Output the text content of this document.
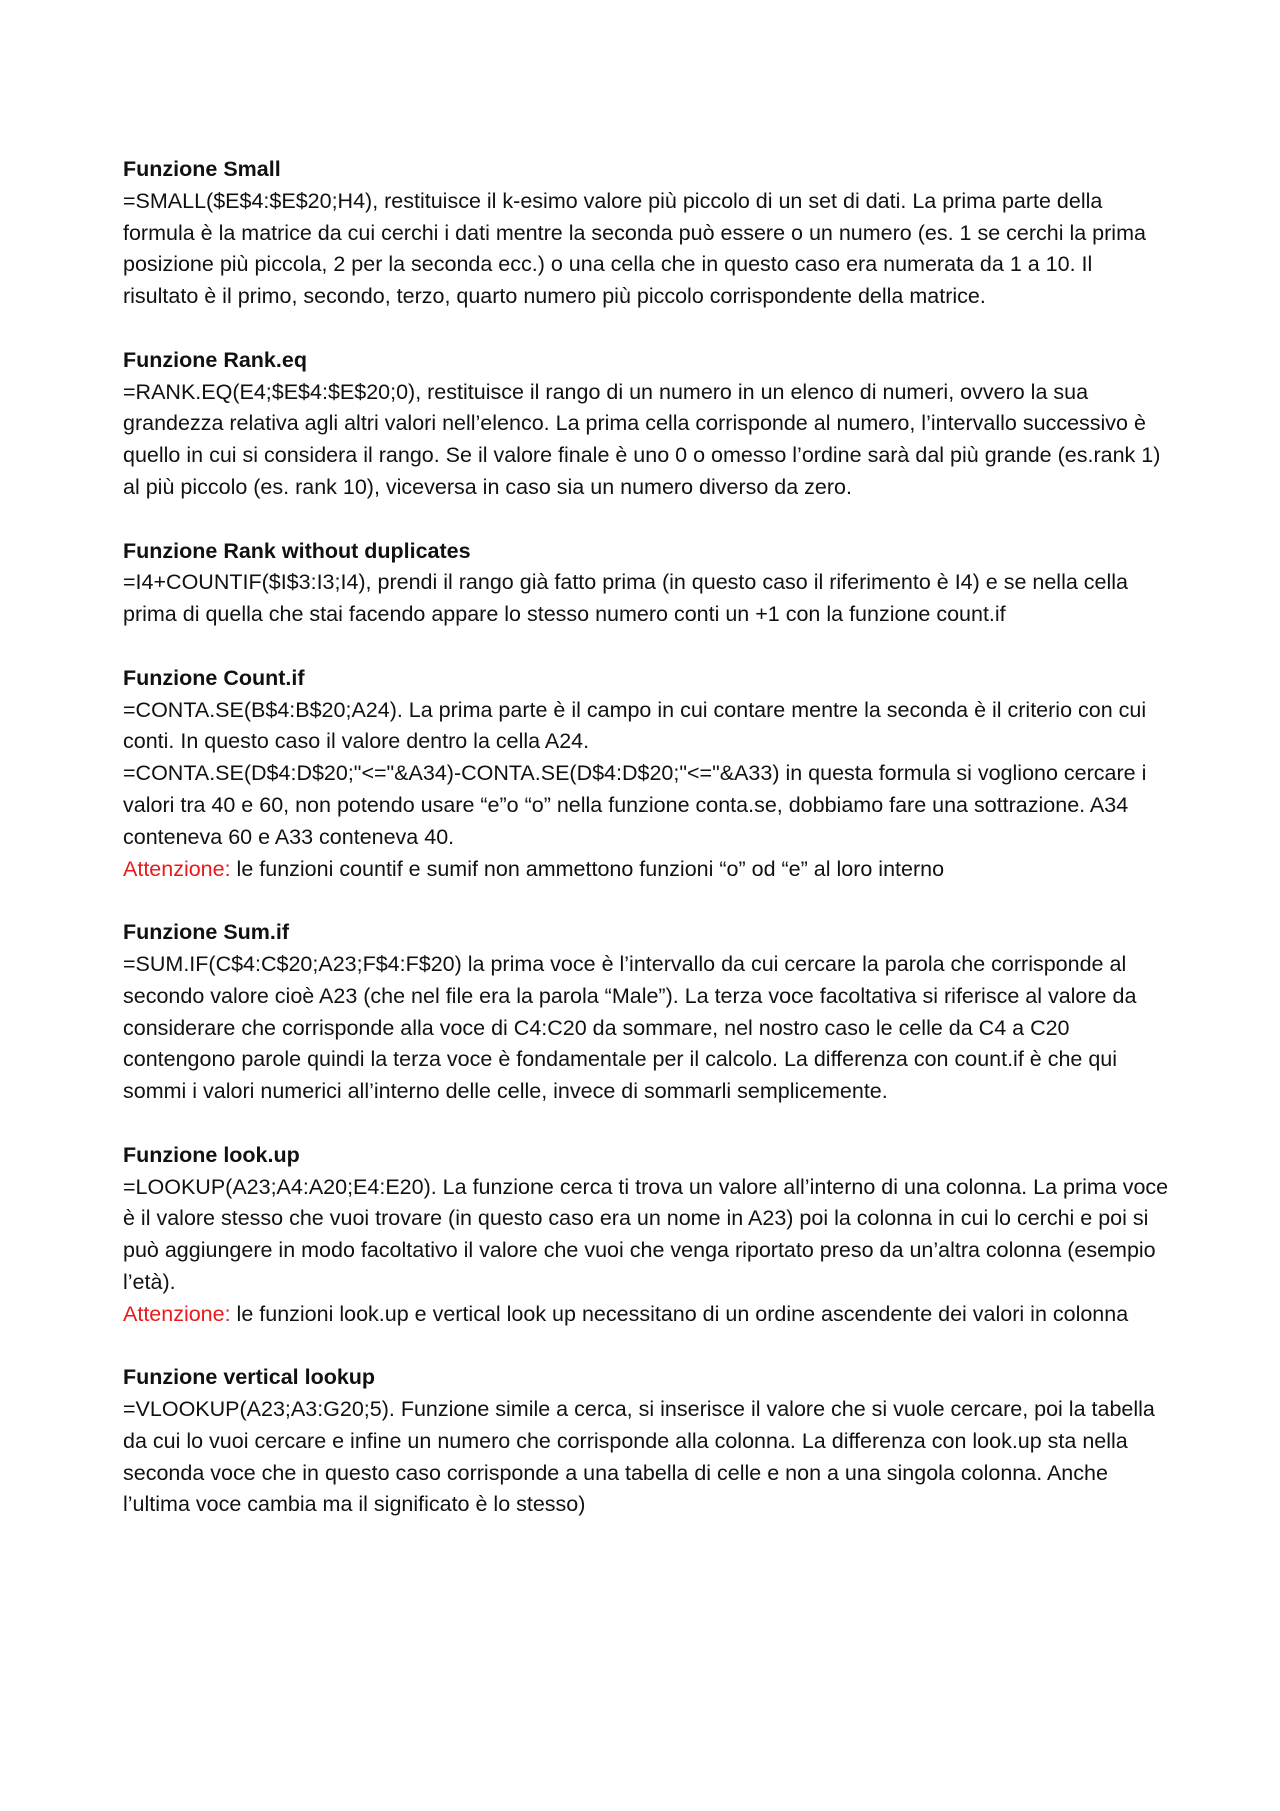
Funzione Small
=SMALL($E$4:$E$20;H4), restituisce il k-esimo valore più piccolo di un set di dati. La prima parte della formula è la matrice da cui cerchi i dati mentre la seconda può essere o un numero (es. 1 se cerchi la prima posizione più piccola, 2 per la seconda ecc.) o una cella che in questo caso era numerata da 1 a 10. Il risultato è il primo, secondo, terzo, quarto numero più piccolo corrispondente della matrice.
Funzione Rank.eq
=RANK.EQ(E4;$E$4:$E$20;0), restituisce il rango di un numero in un elenco di numeri, ovvero la sua grandezza relativa agli altri valori nell’elenco. La prima cella corrisponde al numero, l’intervallo successivo è quello in cui si considera il rango. Se il valore finale è uno 0 o omesso l’ordine sarà dal più grande (es.rank 1) al più piccolo (es. rank 10), viceversa in caso sia un numero diverso da zero.
Funzione Rank without duplicates
=I4+COUNTIF($I$3:I3;I4), prendi il rango già fatto prima (in questo caso il riferimento è I4) e se nella cella prima di quella che stai facendo appare lo stesso numero conti un +1 con la funzione count.if
Funzione Count.if
=CONTA.SE(B$4:B$20;A24). La prima parte è il campo in cui contare mentre la seconda è il criterio con cui conti. In questo caso il valore dentro la cella A24.
=CONTA.SE(D$4:D$20;"<="&A34)-CONTA.SE(D$4:D$20;"<="&A33) in questa formula si vogliono cercare i valori tra 40 e 60, non potendo usare “e”o “o” nella funzione conta.se, dobbiamo fare una sottrazione. A34 conteneva 60 e A33 conteneva 40.
Attenzione: le funzioni countif e sumif non ammettono funzioni “o” od “e” al loro interno
Funzione Sum.if
=SUM.IF(C$4:C$20;A23;F$4:F$20) la prima voce è l’intervallo da cui cercare la parola che corrisponde al secondo valore cioè A23 (che nel file era la parola “Male”). La terza voce facoltativa si riferisce al valore da considerare che corrisponde alla voce di C4:C20 da sommare, nel nostro caso le celle da C4 a C20 contengono parole quindi la terza voce è fondamentale per il calcolo. La differenza con count.if è che qui sommi i valori numerici all’interno delle celle, invece di sommarli semplicemente.
Funzione look.up
=LOOKUP(A23;A4:A20;E4:E20). La funzione cerca ti trova un valore all’interno di una colonna. La prima voce è il valore stesso che vuoi trovare (in questo caso era un nome in A23) poi la colonna in cui lo cerchi e poi si può aggiungere in modo facoltativo il valore che vuoi che venga riportato preso da un’altra colonna (esempio l’età).
Attenzione: le funzioni look.up e vertical look up necessitano di un ordine ascendente dei valori in colonna
Funzione vertical lookup
=VLOOKUP(A23;A3:G20;5). Funzione simile a cerca, si inserisce il valore che si vuole cercare, poi la tabella da cui lo vuoi cercare e infine un numero che corrisponde alla colonna. La differenza con look.up sta nella seconda voce che in questo caso corrisponde a una tabella di celle e non a una singola colonna. Anche l’ultima voce cambia ma il significato è lo stesso)
